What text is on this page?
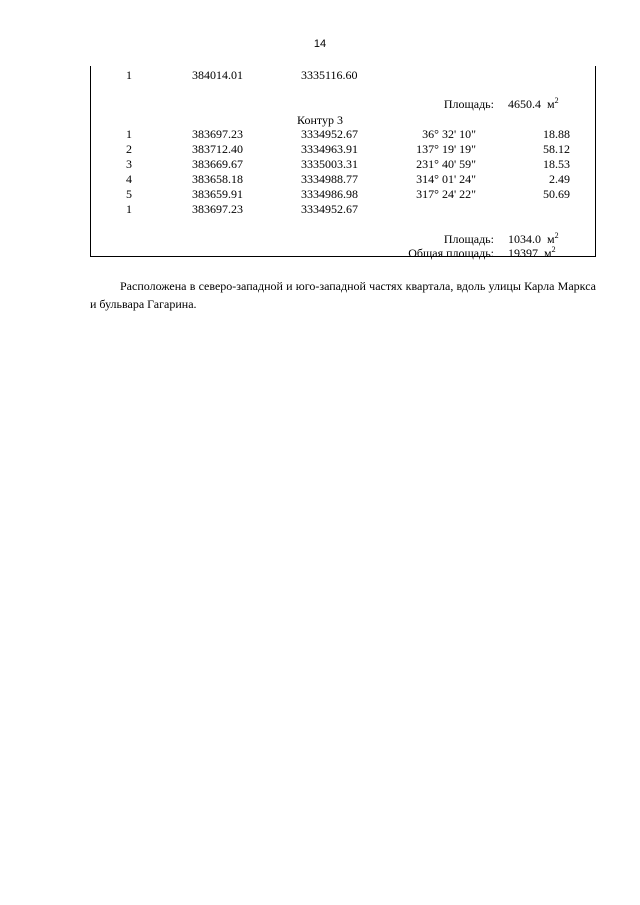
14
1	384014.01	3335116.60
Площадь: 4650.4 $м^2$
Контур 3
1	383697.23	3334952.67	36° 32' 10"	18.88
2	383712.40	3334963.91	137° 19' 19"	58.12
3	383669.67	3335003.31	231° 40' 59"	18.53
4	383658.18	3334988.77	314° 01' 24"	2.49
5	383659.91	3334986.98	317° 24' 22"	50.69
1	383697.23	3334952.67
Площадь: 1034.0 $м^2$
Общая площадь: 19397 $м^2$
Расположена в северо-западной и юго-западной частях квартала, вдоль улицы Карла Маркса и бульвара Гагарина.
